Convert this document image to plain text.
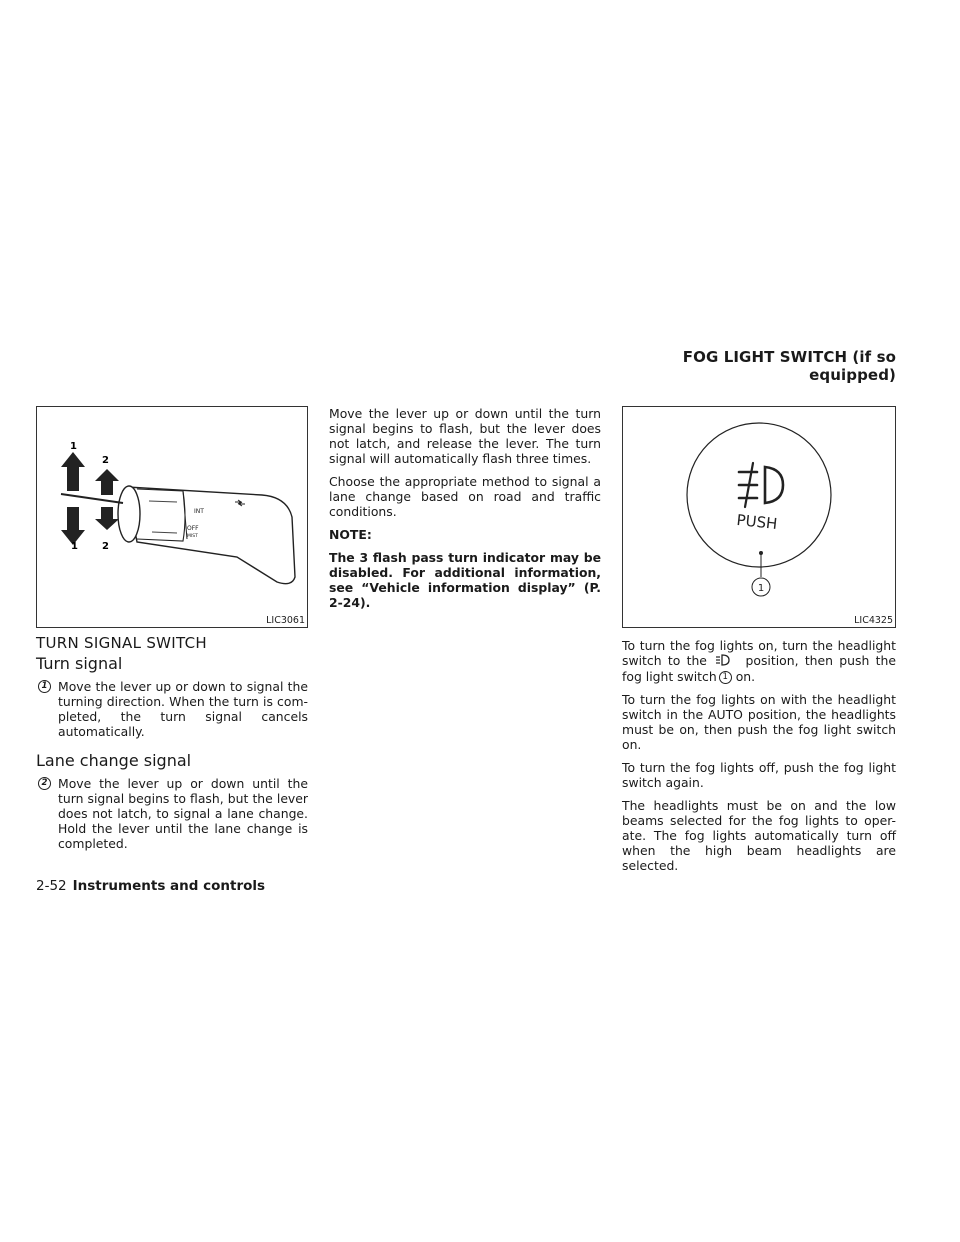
FOG LIGHT SWITCH (if so equipped)
INT
OFF
MIST
1
2
1 2
LIC3061
TURN SIGNAL SWITCH
Turn signal
1 Move the lever up or down to signal the turning direction. When the turn is com-pleted, the turn signal cancels automatically.
Lane change signal
2 Move the lever up or down until the turn signal begins to flash, but the lever does not latch, to signal a lane change. Hold the lever until the lane change is completed.

Move the lever up or down until the turn signal begins to flash, but the lever does not latch, and release the lever. The turn signal will automatically flash three times.

Choose the appropriate method to signal a lane change based on road and traffic conditions.

NOTE:
The 3 flash pass turn indicator may be disabled. For additional information, see “Vehicle information display” (P. 2-24).
PUSH
1
LIC4325

To turn the fog lights on, turn the headlight switch to the	position, then push the fog light switch 1 on.

To turn the fog lights on with the headlight switch in the AUTO position, the headlights must be on, then push the fog light switch on.

To turn the fog lights off, push the fog light switch again.

The headlights must be on and the low beams selected for the fog lights to oper-ate. The fog lights automatically turn off when the high beam headlights are selected.

2-52 Instruments and controls
